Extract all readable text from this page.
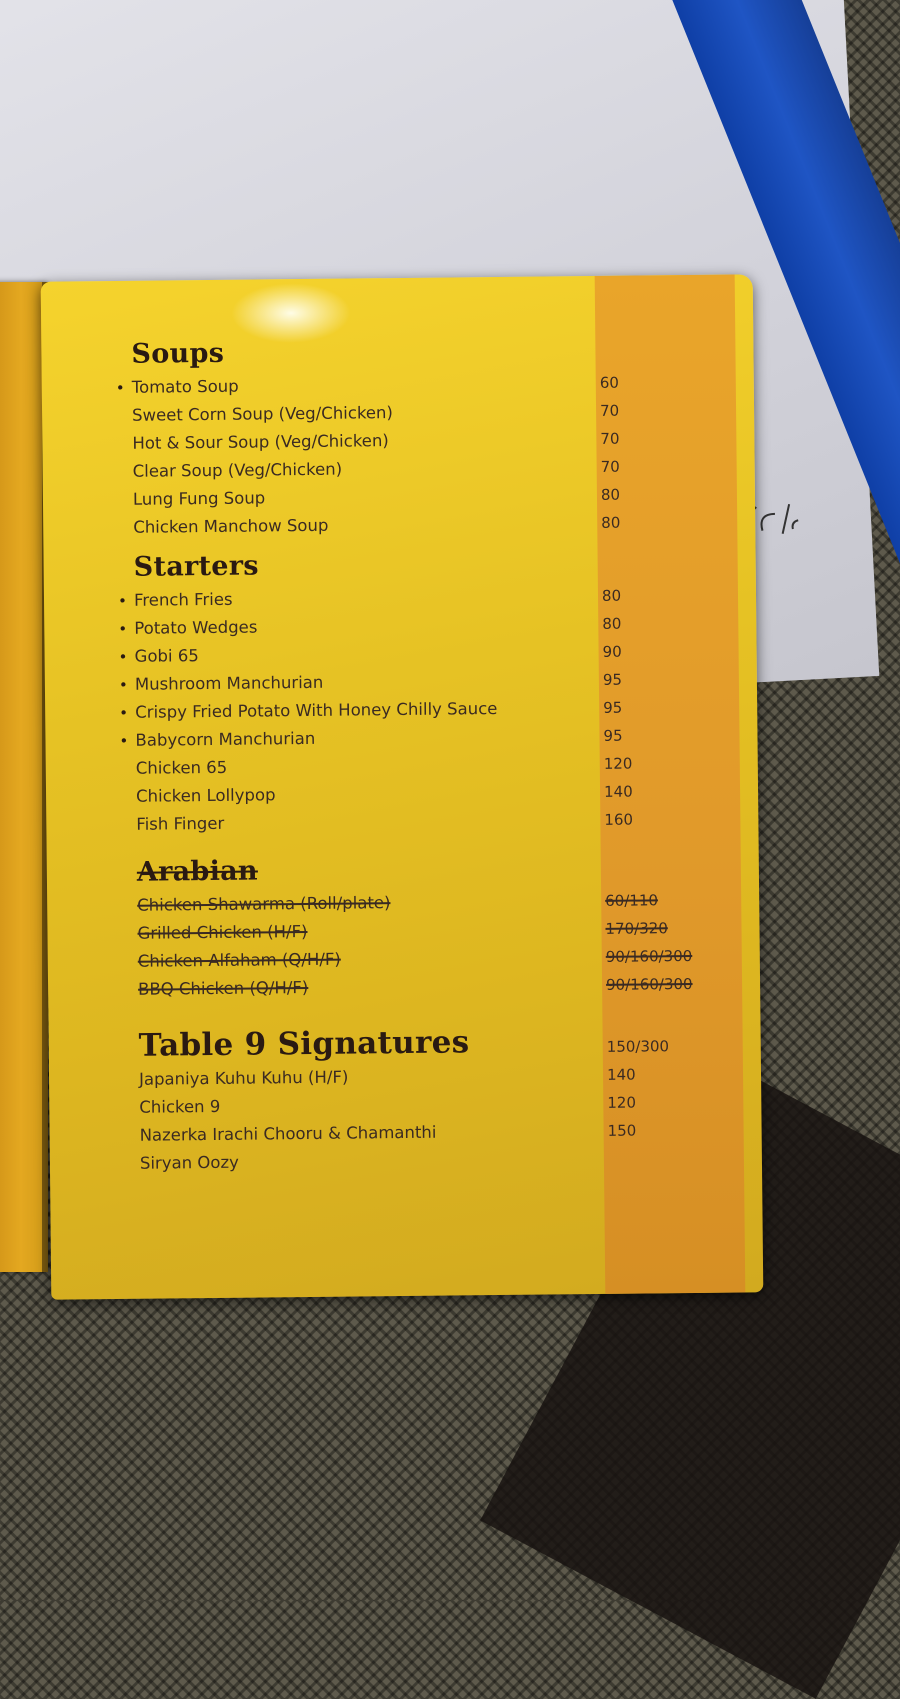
Soups
• Tomato Soup	60
Sweet Corn Soup (Veg/Chicken)	70
Hot & Sour Soup (Veg/Chicken)	70
Clear Soup (Veg/Chicken)	70
Lung Fung Soup	80
Chicken Manchow Soup	80
Starters
• French Fries	80
• Potato Wedges	80
• Gobi 65	90
• Mushroom Manchurian	95
• Crispy Fried Potato With Honey Chilly Sauce	95
• Babycorn Manchurian	95
Chicken 65	120
Chicken Lollypop	140
Fish Finger	160
Arabian
Chicken Shawarma (Roll/plate)	60/110
Grilled Chicken (H/F)	170/320
Chicken Alfaham (Q/H/F)	90/160/300
BBQ Chicken (Q/H/F)	90/160/300
Table 9 Signatures	150/300
Japaniya Kuhu Kuhu (H/F)	140
Chicken 9	120
Nazerka Irachi Chooru & Chamanthi	150
Siryan Oozy
